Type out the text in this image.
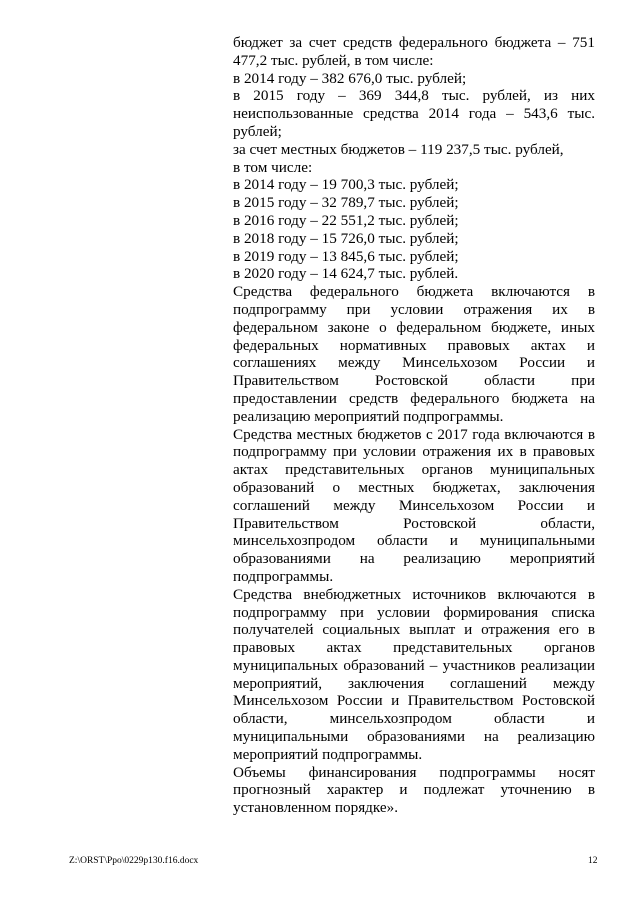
бюджет за счет средств федерального бюджета – 751 477,2 тыс. рублей, в том числе:

в 2014 году – 382 676,0 тыс. рублей;

в 2015 году – 369 344,8 тыс. рублей, из них неиспользованные средства 2014 года – 543,6 тыс. рублей;

за счет местных бюджетов – 119 237,5 тыс. рублей,

в том числе:

в 2014 году – 19 700,3 тыс. рублей;

в 2015 году – 32 789,7 тыс. рублей;

в 2016 году – 22 551,2 тыс. рублей;

в 2018 году – 15 726,0 тыс. рублей;

в 2019 году – 13 845,6 тыс. рублей;

в 2020 году – 14 624,7 тыс. рублей.

Средства федерального бюджета включаются в подпрограмму при условии отражения их в федеральном законе о федеральном бюджете, иных федеральных нормативных правовых актах и соглашениях между Минсельхозом России и Правительством Ростовской области при предоставлении средств федерального бюджета на реализацию мероприятий подпрограммы.

Средства местных бюджетов с 2017 года включаются в подпрограмму при условии отражения их в правовых актах представительных органов муниципальных образований о местных бюджетах, заключения соглашений между Минсельхозом России и Правительством Ростовской области, минсельхозпродом области и муниципальными образованиями на реализацию мероприятий подпрограммы.

Средства внебюджетных источников включаются в подпрограмму при условии формирования списка получателей социальных выплат и отражения его в правовых актах представительных органов муниципальных образований – участников реализации мероприятий, заключения соглашений между Минсельхозом России и Правительством Ростовской области, минсельхозпродом области и муниципальными образованиями на реализацию мероприятий подпрограммы.

Объемы финансирования подпрограммы носят прогнозный характер и подлежат уточнению в установленном порядке».

Z:\ORST\Ppo\0229p130.f16.docx	12
